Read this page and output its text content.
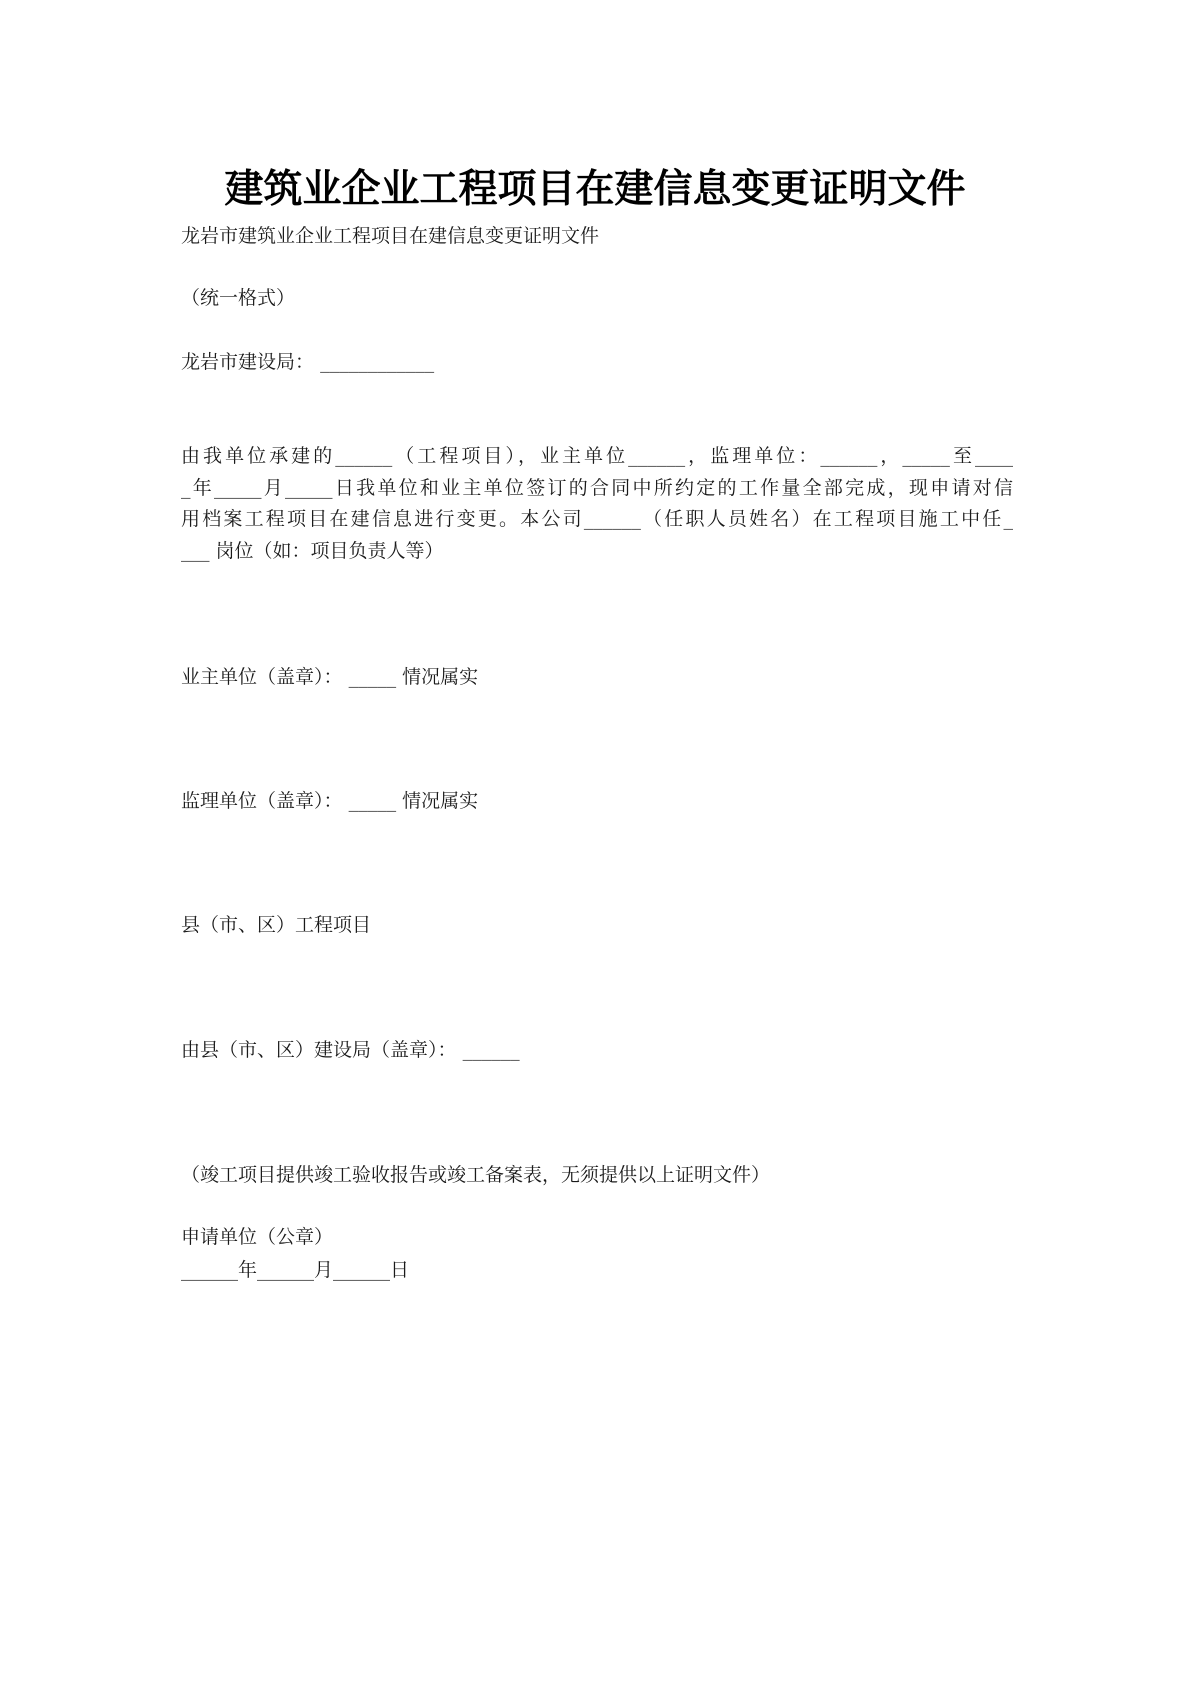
建筑业企业工程项目在建信息变更证明文件
龙岩市建筑业企业工程项目在建信息变更证明文件
（统一格式）
龙岩市建设局： ____________
由我单位承建的______（工程项目），业主单位______，监理单位：______，_____至____
_年_____月_____日我单位和业主单位签订的合同中所约定的工作量全部完成，现申请对信
用档案工程项目在建信息进行变更。本公司______（任职人员姓名）在工程项目施工中任_
___ 岗位（如：项目负责人等）
业主单位（盖章）： _____ 情况属实
监理单位（盖章）： _____ 情况属实
县（市、区）工程项目
由县（市、区）建设局（盖章）： ______
（竣工项目提供竣工验收报告或竣工备案表，无须提供以上证明文件）
申请单位（公章）
______年______月______日
